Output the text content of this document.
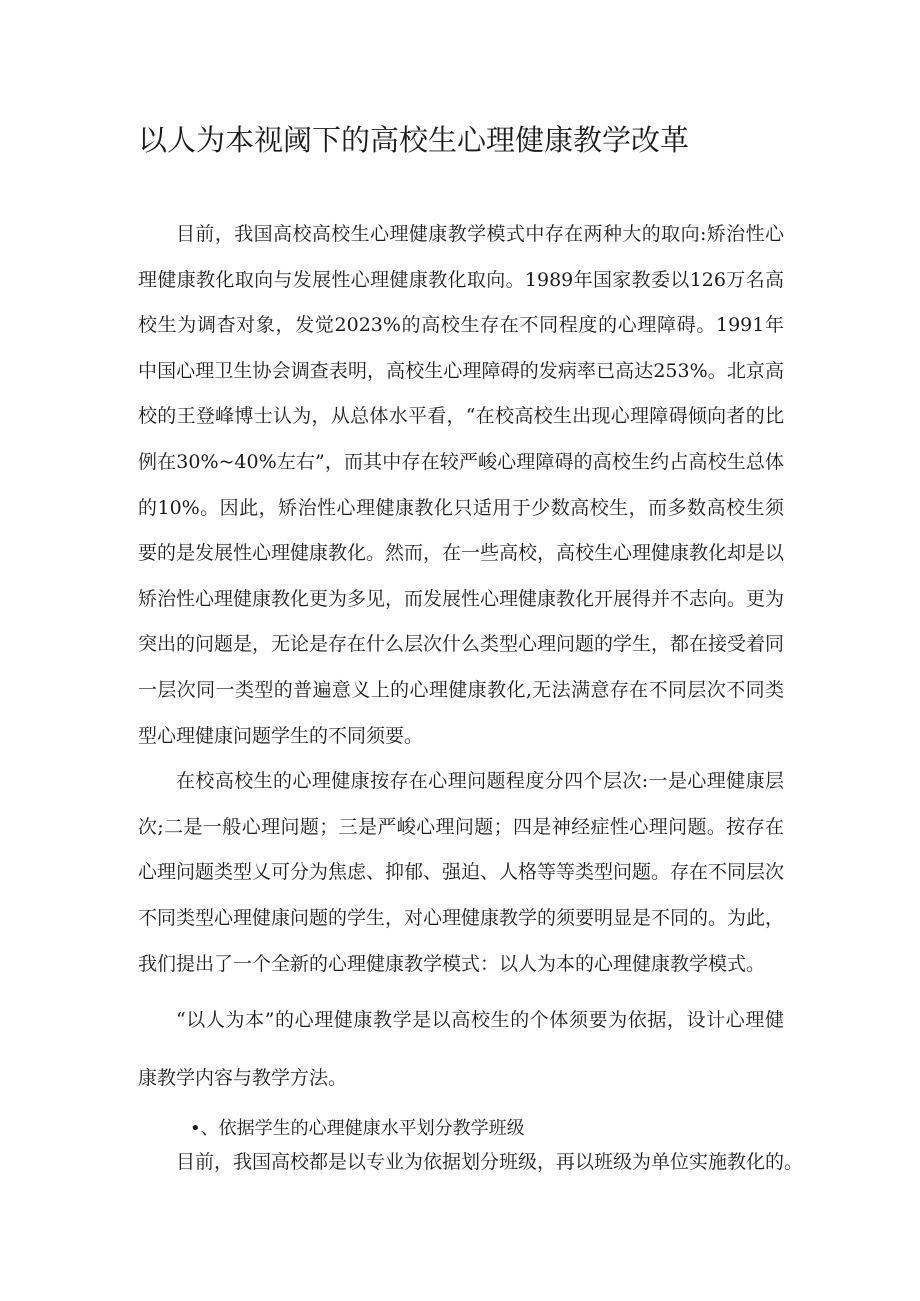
以人为本视阈下的高校生心理健康教学改革

目前，我国高校高校生心理健康教学模式中存在两种大的取向:矫治性心理健康教化取向与发展性心理健康教化取向。1989年国家教委以126万名高校生为调杳对象，发觉2023%的高校生存在不同程度的心理障碍。1991年中国心理卫生协会调查表明，高校生心理障碍的发病率已高达253%。北京高校的王登峰博士认为，从总体水平看，“在校高校生出现心理障碍倾向者的比例在30%~40%左右”，而其中存在较严峻心理障碍的高校生约占高校生总体的10%。因此，矫治性心理健康教化只适用于少数高校生，而多数高校生须要的是发展性心理健康教化。然而，在一些高校，高校生心理健康教化却是以矫治性心理健康教化更为多见，而发展性心理健康教化开展得并不志向。更为突出的问题是，无论是存在什么层次什么类型心理问题的学生，都在接受着同一层次同一类型的普遍意义上的心理健康教化,无法满意存在不同层次不同类型心理健康问题学生的不同须要。

在校高校生的心理健康按存在心理问题程度分四个层次:一是心理健康层次;二是一般心理问题；三是严峻心理问题；四是神经症性心理问题。按存在心理问题类型乂可分为焦虑、抑郁、强迫、人格等等类型问题。存在不同层次不同类型心理健康问题的学生，对心理健康教学的须要明显是不同的。为此，我们提出了一个全新的心理健康教学模式：以人为本的心理健康教学模式。

“以人为本”的心理健康教学是以高校生的个体须要为依据，设计心理健康教学内容与教学方法。

•、依据学生的心理健康水平划分教学班级

目前，我国高校都是以专业为依据划分班级，再以班级为单位实施教化的。
